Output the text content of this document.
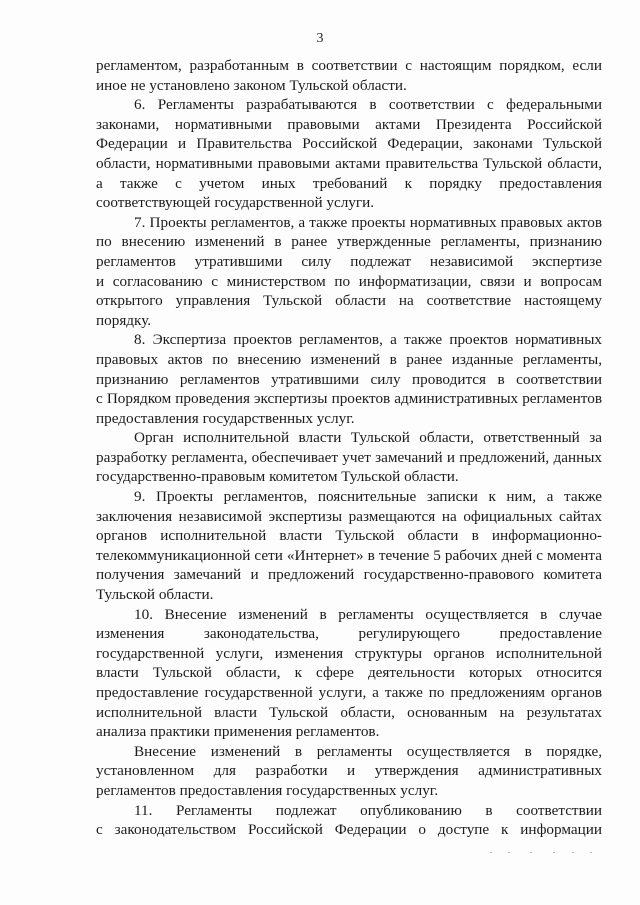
3
регламентом, разработанным в соответствии с настоящим порядком, если
иное не установлено законом Тульской области.
6. Регламенты разрабатываются в соответствии с федеральными
законами, нормативными правовыми актами Президента Российской
Федерации и Правительства Российской Федерации, законами Тульской
области, нормативными правовыми актами правительства Тульской области,
а также с учетом иных требований к порядку предоставления
соответствующей государственной услуги.
7. Проекты регламентов, а также проекты нормативных правовых актов
по внесению изменений в ранее утвержденные регламенты, признанию
регламентов утратившими силу подлежат независимой экспертизе
и согласованию с министерством по информатизации, связи и вопросам
открытого управления Тульской области на соответствие настоящему
порядку.
8. Экспертиза проектов регламентов, а также проектов нормативных
правовых актов по внесению изменений в ранее изданные регламенты,
признанию регламентов утратившими силу проводится в соответствии
с Порядком проведения экспертизы проектов административных регламентов
предоставления государственных услуг.
Орган исполнительной власти Тульской области, ответственный за
разработку регламента, обеспечивает учет замечаний и предложений, данных
государственно-правовым комитетом Тульской области.
9. Проекты регламентов, пояснительные записки к ним, а также
заключения независимой экспертизы размещаются на официальных сайтах
органов исполнительной власти Тульской области в информационно-
телекоммуникационной сети «Интернет» в течение 5 рабочих дней с момента
получения замечаний и предложений государственно-правового комитета
Тульской области.
10. Внесение изменений в регламенты осуществляется в случае
изменения законодательства, регулирующего предоставление
государственной услуги, изменения структуры органов исполнительной
власти Тульской области, к сфере деятельности которых относится
предоставление государственной услуги, а также по предложениям органов
исполнительной власти Тульской области, основанным на результатах
анализа практики применения регламентов.
Внесение изменений в регламенты осуществляется в порядке,
установленном для разработки и утверждения административных
регламентов предоставления государственных услуг.
11. Регламенты подлежат опубликованию в соответствии
с законодательством Российской Федерации о доступе к информации
